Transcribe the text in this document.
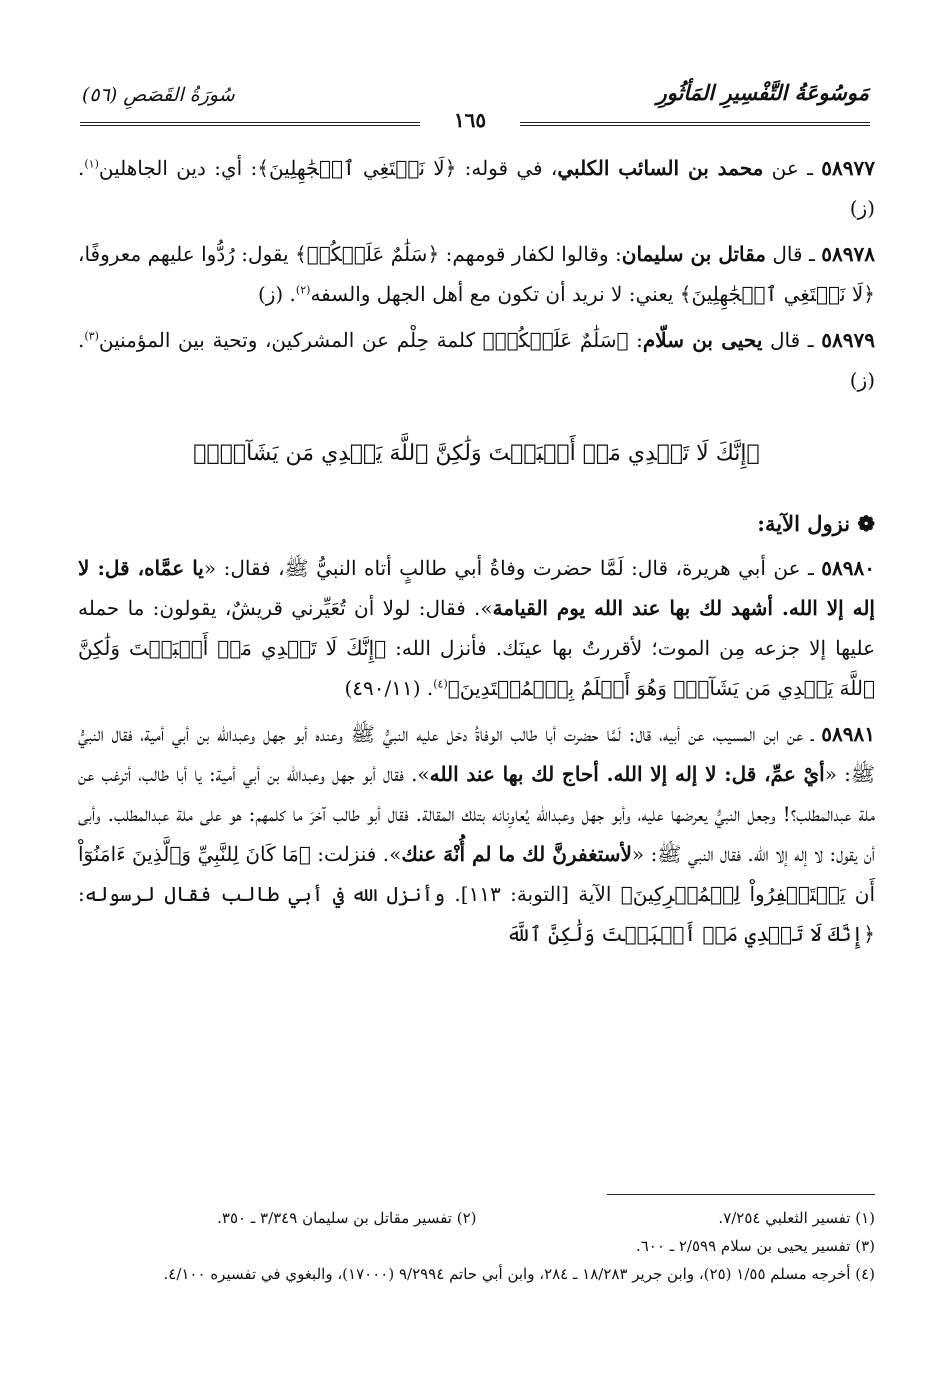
مَوسُوعَةُ التَّفْسِيرِ المَأثُورِ
سُورَةُ القَصَصِ (٥٦)
١٦٥
٥٨٩٧٧ ـ عن محمد بن السائب الكلبي، في قوله: ﴿لَا نَبۡتَغِي ٱلۡجَٰهِلِينَ﴾: أي: دين الجاهلين$^{(١)}$. (ز)
٥٨٩٧٨ ـ قال مقاتل بن سليمان: وقالوا لكفار قومهم: ﴿سَلَٰمٌ عَلَيۡكُمۡ﴾ يقول: رُدُّوا عليهم معروفًا، ﴿لَا نَبۡتَغِي ٱلۡجَٰهِلِينَ﴾ يعني: لا نريد أن تكون مع أهل الجهل والسفه$^{(٢)}$. (ز)
٥٨٩٧٩ ـ قال يحيى بن سلّام: ﴿سَلَٰمٌ عَلَيۡكُمۡ﴾ كلمة حِلْم عن المشركين، وتحية بين المؤمنين$^{(٣)}$. (ز)
﴿إِنَّكَ لَا تَهۡدِي مَنۡ أَحۡبَبۡتَ وَلَٰكِنَّ ٱللَّهَ يَهۡدِي مَن يَشَآءُۚ﴾
❁ نزول الآية:
٥٨٩٨٠ ـ عن أبي هريرة، قال: لَمَّا حضرت وفاةُ أبي طالبٍ أتاه النبيُّ ﷺ، فقال: «يا عمَّاه، قل: لا إله إلا الله. أشهد لك بها عند الله يوم القيامة». فقال: لولا أن تُعَيِّرني قريشٌ، يقولون: ما حمله عليها إلا جزعه مِن الموت؛ لأقررتُ بها عينَك. فأنزل الله: ﴿إِنَّكَ لَا تَهۡدِي مَنۡ أَحۡبَبۡتَ وَلَٰكِنَّ ٱللَّهَ يَهۡدِي مَن يَشَآءُۚ وَهُوَ أَعۡلَمُ بِٱلۡمُهۡتَدِينَ﴾$^{(٤)}$. (٤٩٠/١١)
٥٨٩٨١ ـ عن ابن المسيب، عن أبيه، قال: لَمَّا حضرت أبا طالب الوفاةُ دخل عليه النبيُّ ﷺ وعنده أبو جهل وعبدالله بن أبي أمية، فقال النبيُّ ﷺ: «أيْ عمِّ، قل: لا إله إلا الله. أحاج لك بها عند الله». فقال أبو جهل وعبدالله بن أبي أمية: يا أبا طالب، أترغب عن ملة عبدالمطلب؟! وجعل النبيُّ يعرضها عليه، وأبو جهل وعبدالله يُعاوِنانه بتلك المقالة. فقال أبو طالب آخرَ ما كلمهم: هو على ملة عبدالمطلب. وأبى أن يقول: لا إله إلا الله. فقال النبي ﷺ: «لأستغفرنَّ لك ما لم أُنْهَ عنك». فنزلت: ﴿مَا كَانَ لِلنَّبِيِّ وَٱلَّذِينَ ءَامَنُوٓاْ أَن يَسۡتَغۡفِرُواْ لِلۡمُشۡرِكِينَ﴾ الآية [التوبة: ١١٣]. وأنزل الله في أبي طالب فقال لرسوله: ﴿إِنَّكَ لَا تَهۡدِي مَنۡ أَحۡبَبۡتَ وَلَٰكِنَّ ٱللَّهَ
(١) تفسير الثعلبي ٧/٢٥٤.
(٢) تفسير مقاتل بن سليمان ٣/٣٤٩ ـ ٣٥٠.
(٣) تفسير يحيى بن سلام ٢/٥٩٩ ـ ٦٠٠.
(٤) أخرجه مسلم ١/٥٥ (٢٥)، وابن جرير ١٨/٢٨٣ ـ ٢٨٤، وابن أبي حاتم ٩/٢٩٩٤ (١٧٠٠٠)، والبغوي في تفسيره ٤/١٠٠.
